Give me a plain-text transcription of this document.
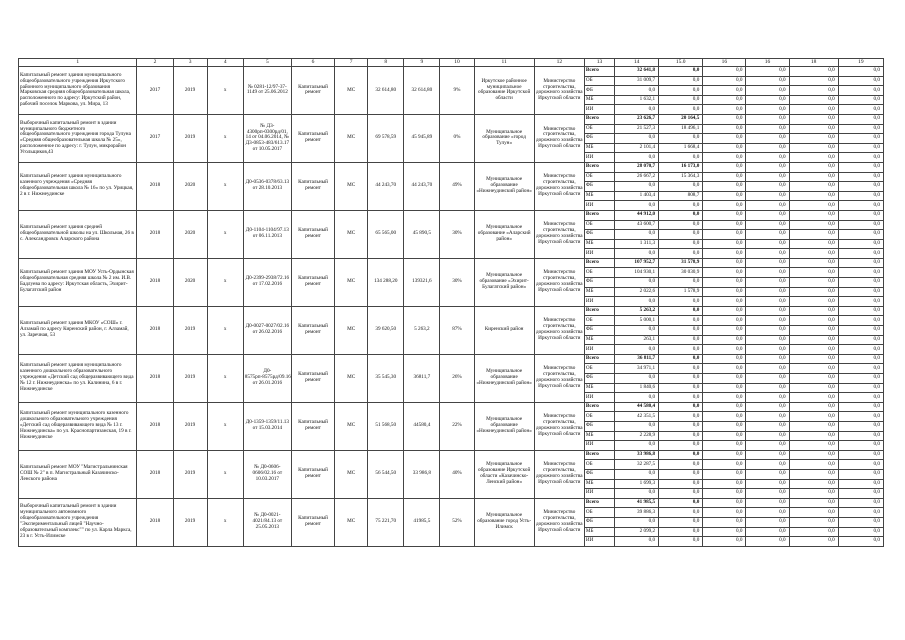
1	2	3	4	5	6	7	8	9	10	11	12	13	14	15.0	16	16	18	19
Капитальный ремонт здания муниципального общеобразовательного учреждения Иркутского районного муниципального образования Марковская средняя общеобразовательная школа, расположенного по адресу: Иркутский район, рабочий поселок Маркова, ул. Мира, 13	2017	2019	х	№ 0281-12/97-37-1149 от 25.06.2012	Капитальный ремонт	МС	32 614,80	32 614,80	9%	Иркутское районное муниципальное образование Иркутской области	Министерство строительства, дорожного хозяйства Иркутской области	Всего	32 641,8	0,0	0,0	0,0	0,0	0,0
												ОБ	31 009,7	0,0	0,0	0,0	0,0	0,0
												ФБ	0,0	0,0	0,0	0,0	0,0	0,0
												МБ	1 632,1	0,0	0,0	0,0	0,0	0,0
												ИИ	0,0	0,0	0,0	0,0	0,0	0,0
Выборочный капитальный ремонт в здании муниципального бюджетного общеобразовательного учреждения города Тулуна «Средняя общеобразовательная школа № 25», расположенное по адресу: г. Тулун, микрорайон Угольщиков,43	2017	2019	х	№ Д3-4300рп-0300рд/01, 14 от 04.06.2014, № Д3-0853-483/613.17 от 10.05.2017	Капитальный ремонт	МС	69 578,59	45 945,89	0%	Муниципальное образование «город Тулун»	Министерство строительства, дорожного хозяйства Иркутской области	Всего	23 626,7	20 164,5	0,0	0,0	0,0	0,0
												ОБ	21 527,3	18 496,1	0,0	0,0	0,0	0,0
												ФБ	0,0	0,0	0,0	0,0	0,0	0,0
												МБ	2 101,4	1 668,4	0,0	0,0	0,0	0,0
												ИИ	0,0	0,0	0,0	0,0	0,0	0,0
Капитальный ремонт здания муниципального казенного учреждения «Средняя общеобразовательная школа № 16» по ул. Урицкая, 2 в г. Нижнеудинске	2018	2020	х	Д0-0536-0378/63.13 от 28.10.2013	Капитальный ремонт	МС	44 243,70	44 243,70	49%	Муниципальное образование «Нижнеудинский район»	Министерство строительства, дорожного хозяйства Иркутской области	Всего	28 070,7	16 173,0	0,0	0,0	0,0	0,0
												ОБ	26 667,2	15 364,3	0,0	0,0	0,0	0,0
												ФБ	0,0	0,0	0,0	0,0	0,0	0,0
												МБ	1 403,4	808,7	0,0	0,0	0,0	0,0
												ИИ	0,0	0,0	0,0	0,0	0,0	0,0
Капитальный ремонт здания средней общеобразовательной школы на ул. Школьная, 26 в с. Александровск Аларского района	2018	2020	х	Д0-1104-1104/97.13 от 06.11.2013	Капитальный ремонт	МС	65 565,00	45 890,5	30%	Муниципальное образование «Аларский район»	Министерство строительства, дорожного хозяйства Иркутской области	Всего	44 912,0	0,0	0,0	0,0	0,0	0,0
												ОБ	43 600,7	0,0	0,0	0,0	0,0	0,0
												ФБ	0,0	0,0	0,0	0,0	0,0	0,0
												МБ	1 311,3	0,0	0,0	0,0	0,0	0,0
												ИИ	0,0	0,0	0,0	0,0	0,0	0,0
Капитальный ремонт здания МОУ Усть-Ордынская общеобразовательная средняя школа № 2 им. И.В. Бадлуева по адресу: Иркутская область, Эхирит-Булагатский район	2018	2020	х	Д0-2399-2938/72.16 от 17.02.2016	Капитальный ремонт	МС	134 288,20	139321,6	30%	Муниципальное образование «Эхирит-Булагатский район»	Министерство строительства, дорожного хозяйства Иркутской области	Всего	107 952,7	31 578,9	0,0	0,0	0,0	0,0
												ОБ	104 930,1	30 030,9	0,0	0,0	0,0	0,0
												ФБ	0,0	0,0	0,0	0,0	0,0	0,0
												МБ	2 022,6	1 578,9	0,0	0,0	0,0	0,0
												ИИ	0,0	0,0	0,0	0,0	0,0	0,0
Капитальный ремонт здания МКОУ «СОШ» г. Алзамай по адресу Киренский район, г. Алзамай, ул. Заречная, 53	2018	2019	х	Д0-0027-0027/02.16 от 26.02.2016	Капитальный ремонт	МС	39 620,50	5 263,2	87%	Киренский район	Министерство строительства, дорожного хозяйства Иркутской области	Всего	5 263,2	0,0	0,0	0,0	0,0	0,0
												ОБ	5 000,1	0,0	0,0	0,0	0,0	0,0
												ФБ	0,0	0,0	0,0	0,0	0,0	0,0
												МБ	263,1	0,0	0,0	0,0	0,0	0,0
												ИИ	0,0	0,0	0,0	0,0	0,0	0,0
Капитальный ремонт здания муниципального казенного дошкольного образовательного учреждения «Детский сад общеразвивающего вида № 12 г. Нижнеудинска» по ул. Калинина, 6 в г. Нижнеудинске	2018	2019	х	Д0-8575рп-8575рд/09.16 от 26.01.2016	Капитальный ремонт	МС	35 545,30	36811,7	26%	Муниципальное образование «Нижнеудинский район»	Министерство строительства, дорожного хозяйства Иркутской области	Всего	36 811,7	0,0	0,0	0,0	0,0	0,0
												ОБ	34 971,1	0,0	0,0	0,0	0,0	0,0
												ФБ	0,0	0,0	0,0	0,0	0,0	0,0
												МБ	1 840,6	0,0	0,0	0,0	0,0	0,0
												ИИ	0,0	0,0	0,0	0,0	0,0	0,0
Капитальный ремонт муниципального казенного дошкольного образовательного учреждения «Детский сад общеразвивающего вида № 13 г. Нижнеудинска» по ул. Краснопартизанская, 19 в г. Нижнеудинске	2018	2019	х	Д0-1359-1359/11.13 от 15.03.2014	Капитальный ремонт	МС	51 568,50	44580,4	22%	Муниципальное образование «Нижнеудинский район»	Министерство строительства, дорожного хозяйства Иркутской области	Всего	44 580,4	0,0	0,0	0,0	0,0	0,0
												ОБ	42 351,5	0,0	0,0	0,0	0,0	0,0
												ФБ	0,0	0,0	0,0	0,0	0,0	0,0
												МБ	2 228,9	0,0	0,0	0,0	0,0	0,0
												ИИ	0,0	0,0	0,0	0,0	0,0	0,0
Капитальный ремонт МОУ "Магистральнинская СОШ № 2" в п. Магистральный Казачинско-Ленского района	2018	2019	х	№ Д0-0606-0606/02.16 от 10.03.2017	Капитальный ремонт	МС	56 544,50	33 986,8	40%	Муниципальное образование Иркутской области «Казачинско-Ленский район»	Министерство строительства, дорожного хозяйства Иркутской области	Всего	33 986,8	0,0	0,0	0,0	0,0	0,0
												ОБ	32 287,5	0,0	0,0	0,0	0,0	0,0
												ФБ	0,0	0,0	0,0	0,0	0,0	0,0
												МБ	1 699,3	0,0	0,0	0,0	0,0	0,0
												ИИ	0,0	0,0	0,0	0,0	0,0	0,0
Выборочный капитальный ремонт в здании муниципального автономного общеобразовательного учреждения "Экспериментальный лицей "Научно-образовательный комплекс"" по ул. Карла Маркса, 23 в г. Усть-Илимске	2018	2019	х	№ Д0-0021-4021/84.13 от 25.05.2013	Капитальный ремонт	МС	75 221,70	41985,5	52%	Муниципальное образование город Усть-Илимск	Министерство строительства, дорожного хозяйства Иркутской области	Всего	41 985,5	0,0	0,0	0,0	0,0	0,0
												ОБ	39 886,3	0,0	0,0	0,0	0,0	0,0
												ФБ	0,0	0,0	0,0	0,0	0,0	0,0
												МБ	2 099,2	0,0	0,0	0,0	0,0	0,0
												ИИ	0,0	0,0	0,0	0,0	0,0	0,0
